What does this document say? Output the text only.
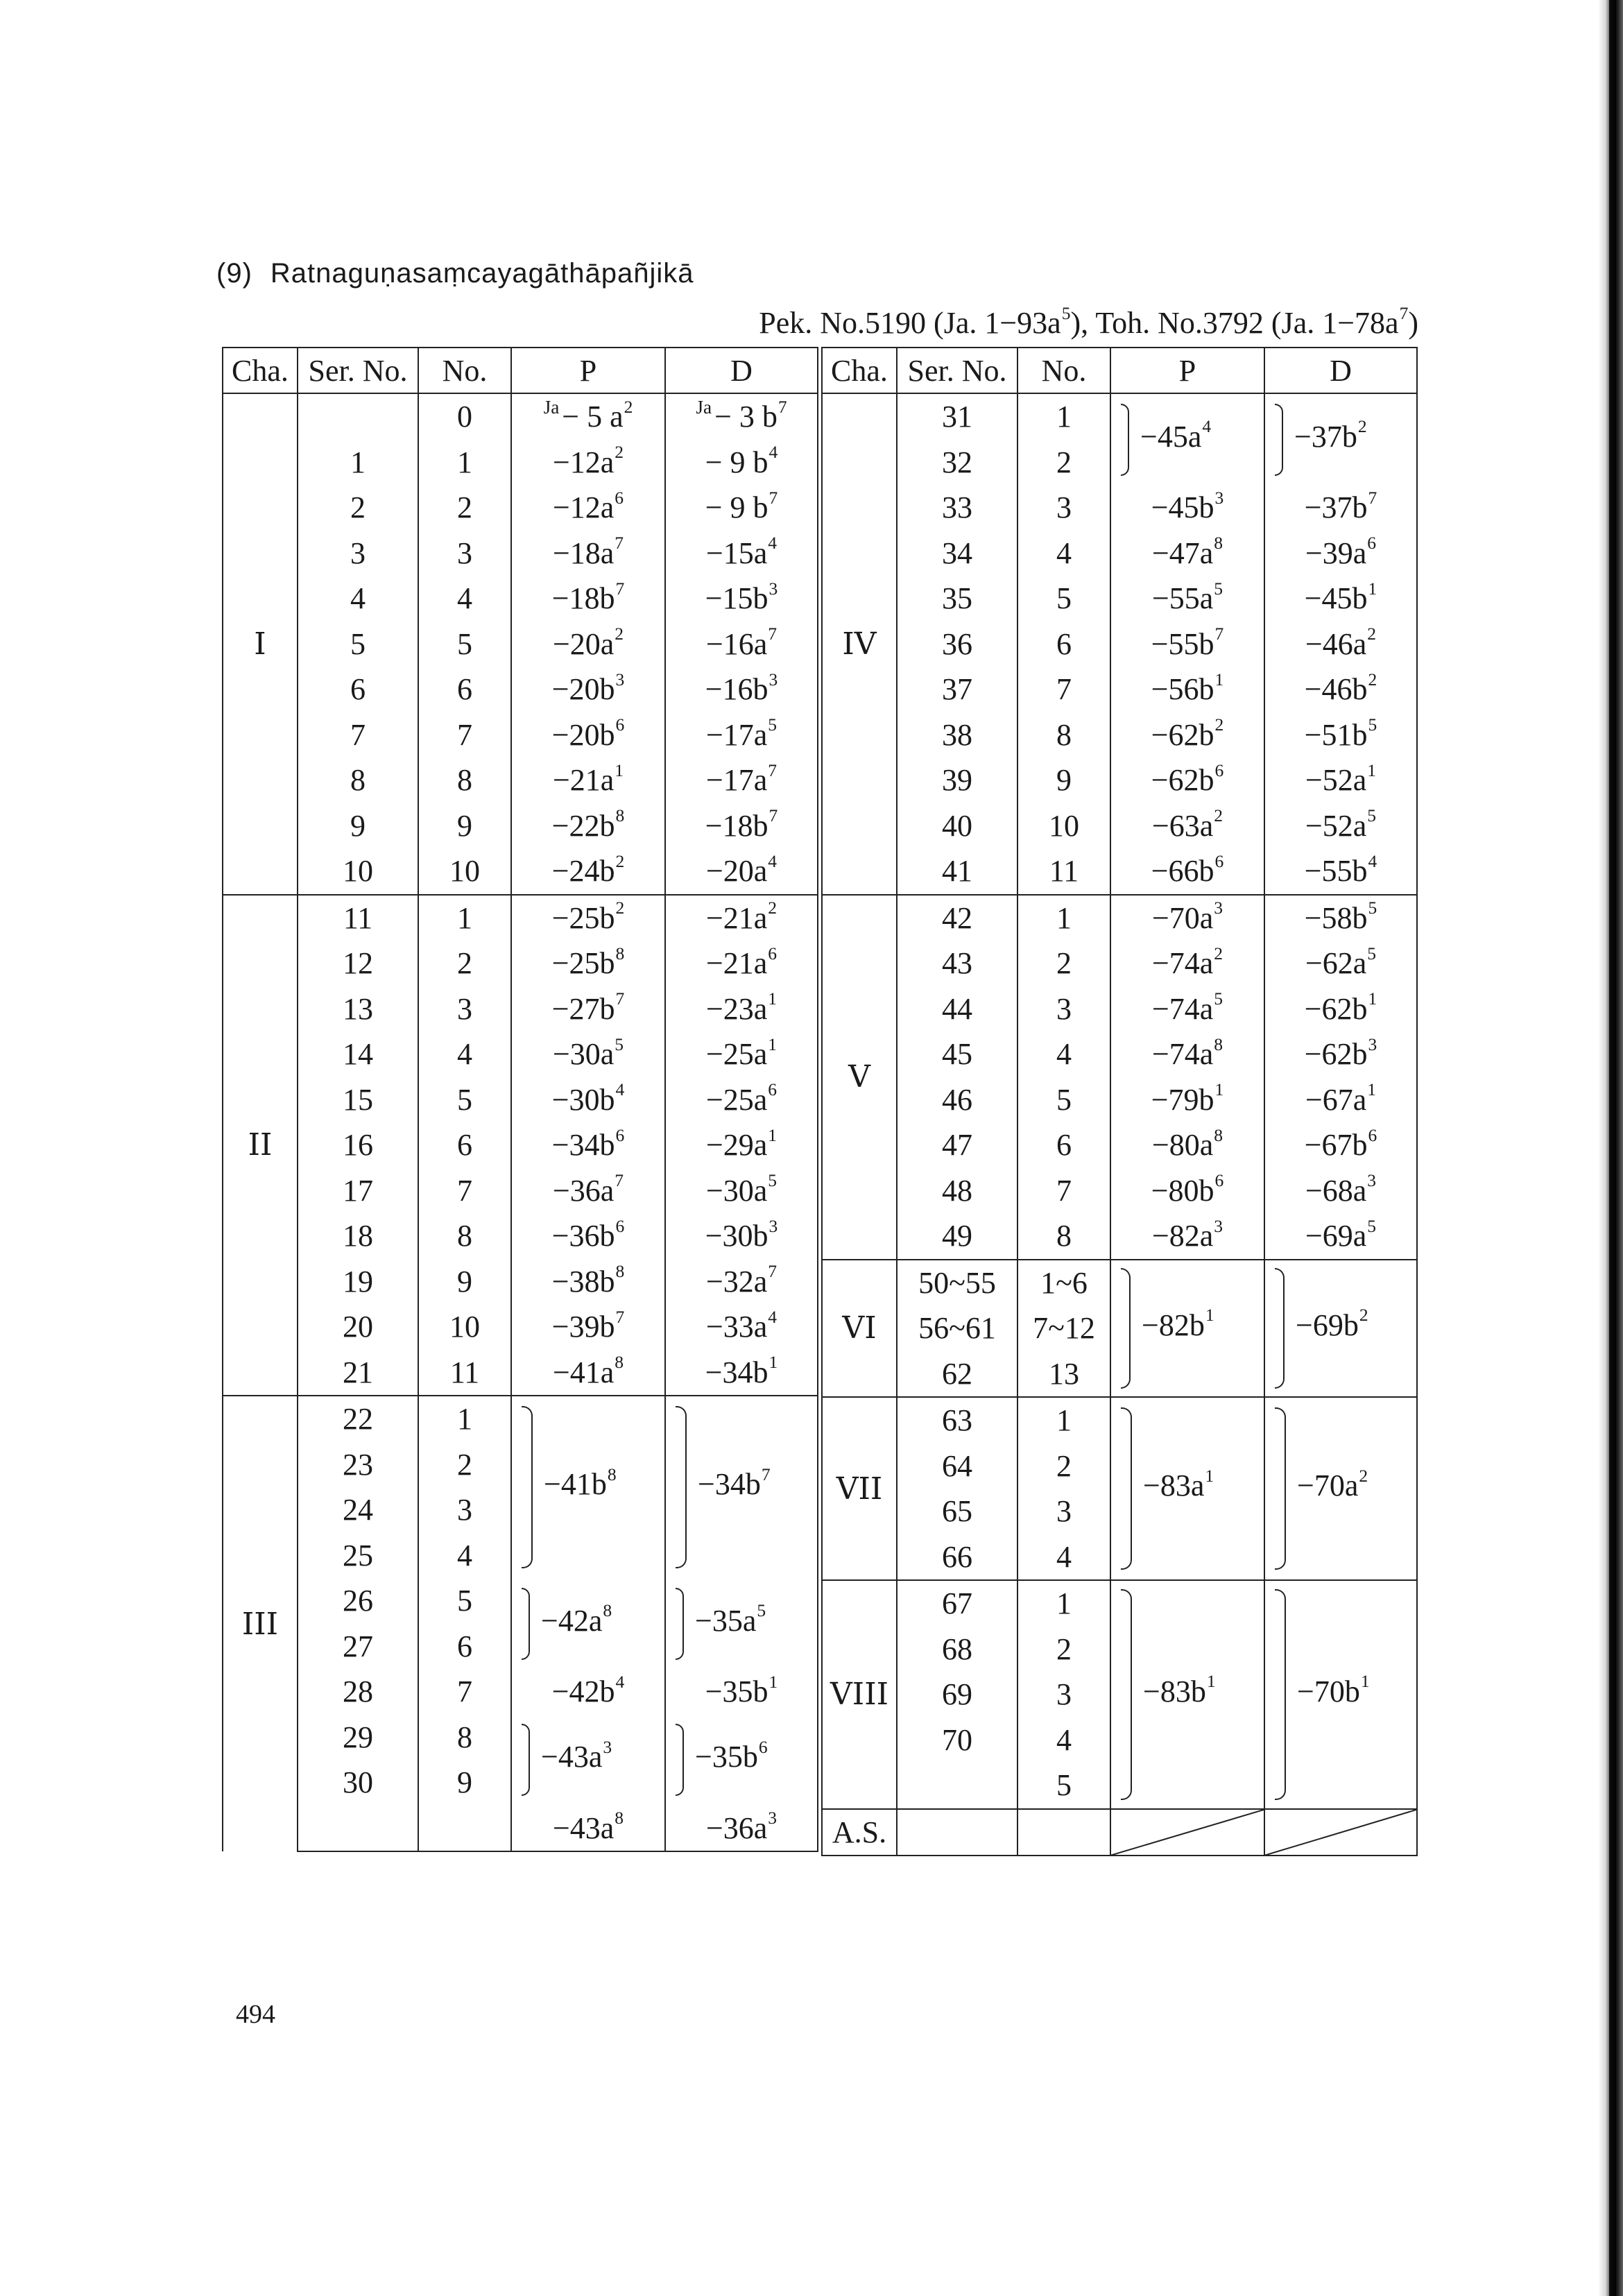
(9) Ratnaguṇasaṃcayagāthāpañjikā
Pek. No.5190 (Ja. $1-93a^5$), Toh. No.3792 (Ja. $1-78a^7$)
Cha.	Ser. No.	No.	P	D
I		0	$^{Ja}$− 5 $a^2$	$^{Ja}$− 3 $b^7$
	1	1	$-12a^2$	− 9 $b^4$
	2	2	$-12a^6$	− 9 $b^7$
	3	3	$-18a^7$	$-15a^4$
	4	4	$-18b^7$	$-15b^3$
	5	5	$-20a^2$	$-16a^7$
	6	6	$-20b^3$	$-16b^3$
	7	7	$-20b^6$	$-17a^5$
	8	8	$-21a^1$	$-17a^7$
	9	9	$-22b^8$	$-18b^7$
	10	10	$-24b^2$	$-20a^4$
II	11	1	$-25b^2$	$-21a^2$
	12	2	$-25b^8$	$-21a^6$
	13	3	$-27b^7$	$-23a^1$
	14	4	$-30a^5$	$-25a^1$
	15	5	$-30b^4$	$-25a^6$
	16	6	$-34b^6$	$-29a^1$
	17	7	$-36a^7$	$-30a^5$
	18	8	$-36b^6$	$-30b^3$
	19	9	$-38b^8$	$-32a^7$
	20	10	$-39b^7$	$-33a^4$
	21	11	$-41a^8$	$-34b^1$
III	22	1	$-41b^8$	$-34b^7$
	23	2		
	24	3		
	25	4		
	26	5	$-42a^8$	$-35a^5$
	27	6		
	28	7	$-42b^4$	$-35b^1$
	29	8	$-43a^3$	$-35b^6$
	30	9		
			$-43a^8$	$-36a^3$
Cha.	Ser. No.	No.	P	D
IV	31	1	$-45a^4$	$-37b^2$
	32	2		
	33	3	$-45b^3$	$-37b^7$
	34	4	$-47a^8$	$-39a^6$
	35	5	$-55a^5$	$-45b^1$
	36	6	$-55b^7$	$-46a^2$
	37	7	$-56b^1$	$-46b^2$
	38	8	$-62b^2$	$-51b^5$
	39	9	$-62b^6$	$-52a^1$
	40	10	$-63a^2$	$-52a^5$
	41	11	$-66b^6$	$-55b^4$
V	42	1	$-70a^3$	$-58b^5$
	43	2	$-74a^2$	$-62a^5$
	44	3	$-74a^5$	$-62b^1$
	45	4	$-74a^8$	$-62b^3$
	46	5	$-79b^1$	$-67a^1$
	47	6	$-80a^8$	$-67b^6$
	48	7	$-80b^6$	$-68a^3$
	49	8	$-82a^3$	$-69a^5$
VI	50~55	1~6	$-82b^1$	$-69b^2$
	56~61	7~12		
	62	13		
VII	63	1	$-83a^1$	$-70a^2$
	64	2		
	65	3		
	66	4		
VIII	67	1	$-83b^1$	$-70b^1$
	68	2		
	69	3		
	70	4		
		5		
A.S.			

494
